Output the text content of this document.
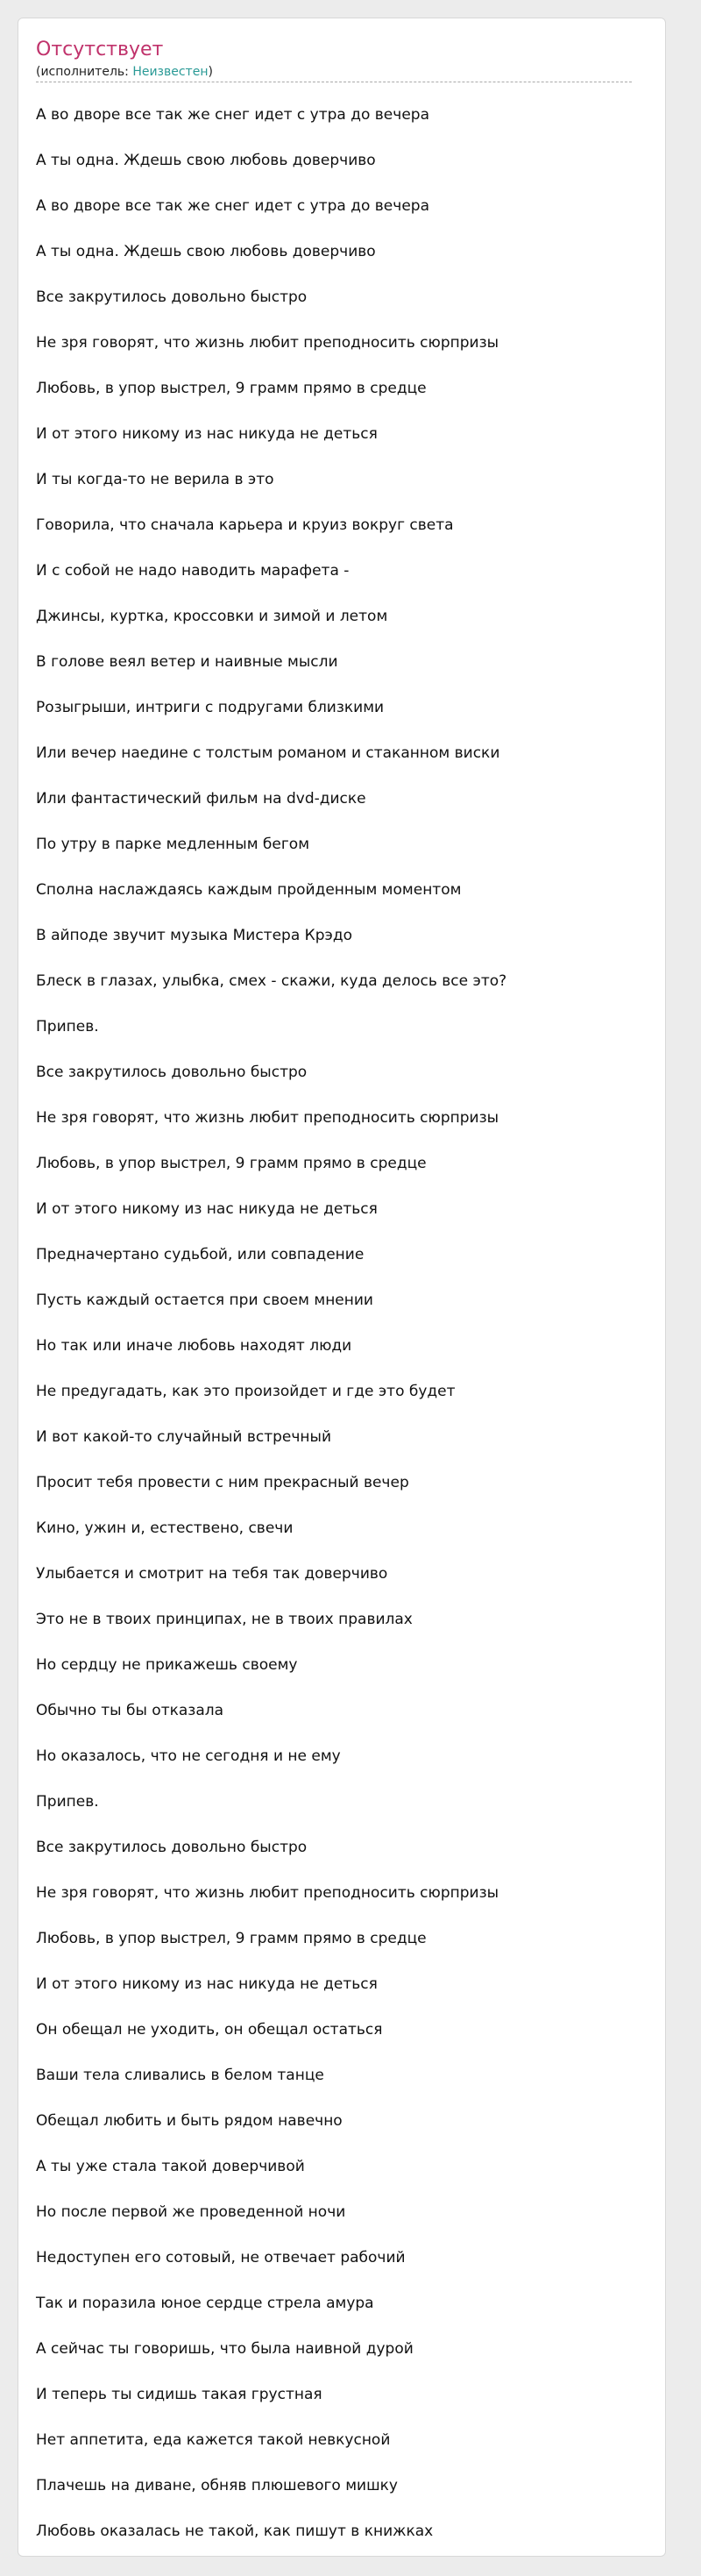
Отсутствует
(исполнитель: Неизвестен)
А во дворе все так же снег идет с утра до вечера
А ты одна. Ждешь свою любовь доверчиво
А во дворе все так же снег идет с утра до вечера
А ты одна. Ждешь свою любовь доверчиво
Все закрутилось довольно быстро
Не зря говорят, что жизнь любит преподносить сюрпризы
Любовь, в упор выстрел, 9 грамм прямо в средце
И от этого никому из нас никуда не деться
И ты когда-то не верила в это
Говорила, что сначала карьера и круиз вокруг света
И с собой не надо наводить марафета -
Джинсы, куртка, кроссовки и зимой и летом
В голове веял ветер и наивные мысли
Розыгрыши, интриги с подругами близкими
Или вечер наедине с толстым романом и стаканном виски
Или фантастический фильм на dvd-диске
По утру в парке медленным бегом
Сполна наслаждаясь каждым пройденным моментом
В айподе звучит музыка Мистера Крэдо
Блеск в глазах, улыбка, смех - скажи, куда делось все это?
Припев.
Все закрутилось довольно быстро
Не зря говорят, что жизнь любит преподносить сюрпризы
Любовь, в упор выстрел, 9 грамм прямо в средце
И от этого никому из нас никуда не деться
Предначертано судьбой, или совпадение
Пусть каждый остается при своем мнении
Но так или иначе любовь находят люди
Не предугадать, как это произойдет и где это будет
И вот какой-то случайный встречный
Просит тебя провести с ним прекрасный вечер
Кино, ужин и, естествено, свечи
Улыбается и смотрит на тебя так доверчиво
Это не в твоих принципах, не в твоих правилах
Но сердцу не прикажешь своему
Обычно ты бы отказала
Но оказалось, что не сегодня и не ему
Припев.
Все закрутилось довольно быстро
Не зря говорят, что жизнь любит преподносить сюрпризы
Любовь, в упор выстрел, 9 грамм прямо в средце
И от этого никому из нас никуда не деться
Он обещал не уходить, он обещал остаться
Ваши тела сливались в белом танце
Обещал любить и быть рядом навечно
А ты уже стала такой доверчивой
Но после первой же проведенной ночи
Недоступен его сотовый, не отвечает рабочий
Так и поразила юное сердце стрела амура
А сейчас ты говоришь, что была наивной дурой
И теперь ты сидишь такая грустная
Нет аппетита, еда кажется такой невкусной
Плачешь на диване, обняв плюшевого мишку
Любовь оказалась не такой, как пишут в книжках
